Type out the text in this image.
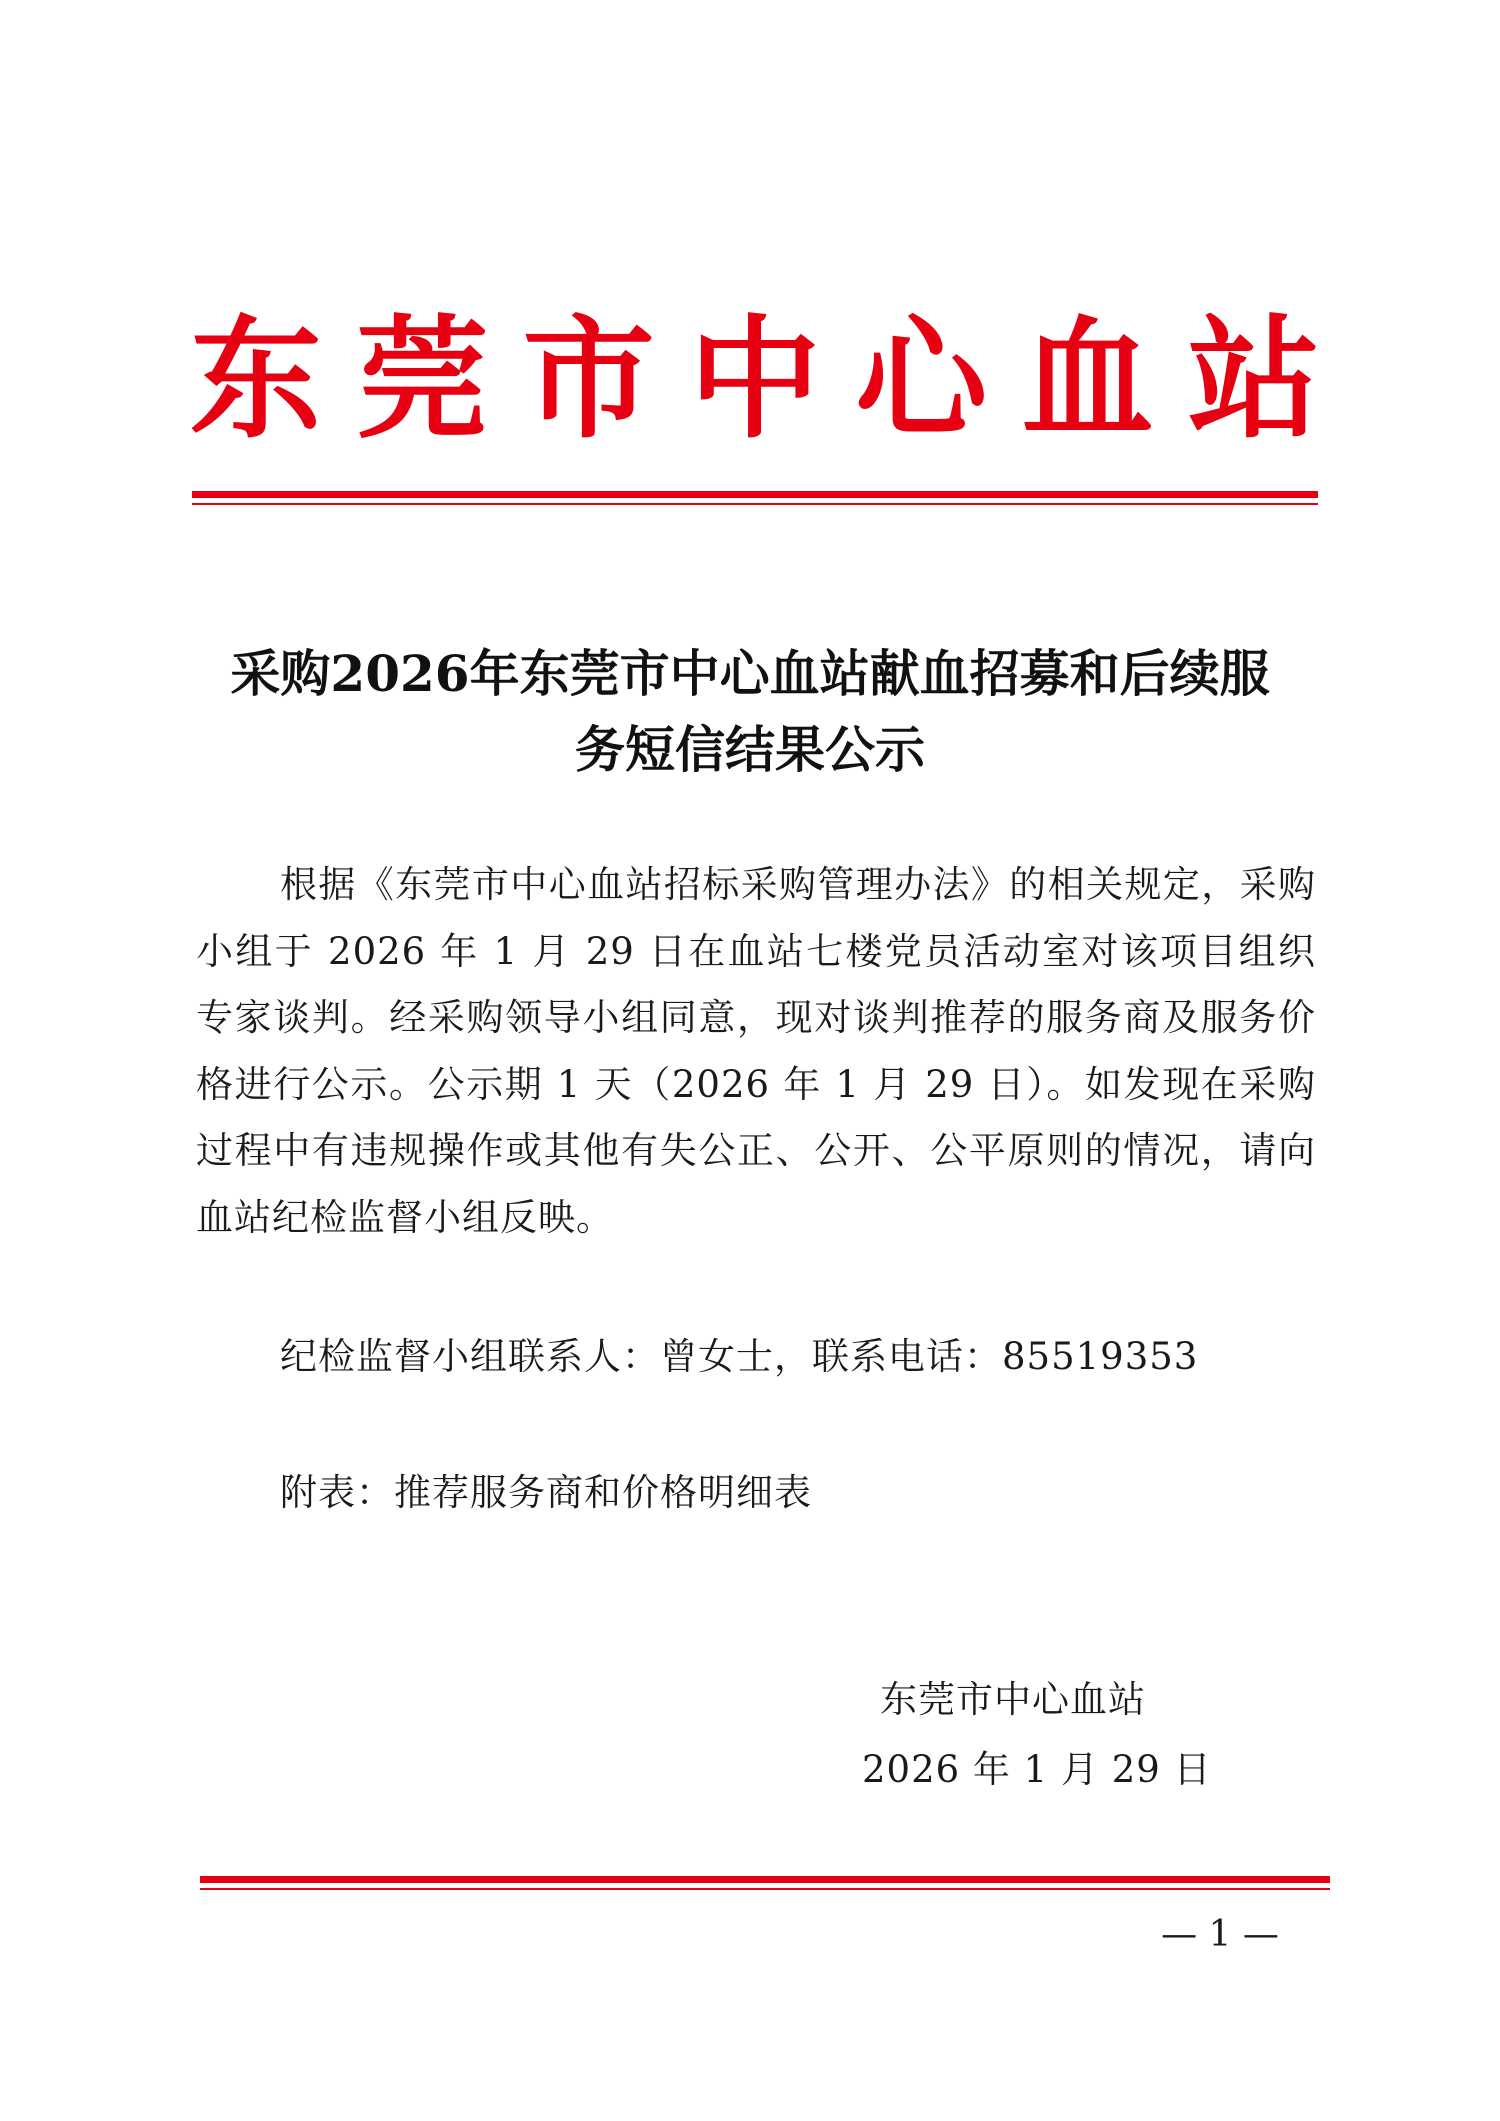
东 莞 市 中 心 血 站
采购2026年东莞市中心血站献血招募和后续服
务短信结果公示
根据《东莞市中心血站招标采购管理办法》的相关规定，采购小组于 2026 年 1 月 29 日在血站七楼党员活动室对该项目组织专家谈判。经采购领导小组同意，现对谈判推荐的服务商及服务价格进行公示。公示期 1 天（2026 年 1 月 29 日）。如发现在采购过程中有违规操作或其他有失公正、公开、公平原则的情况，请向血站纪检监督小组反映。
纪检监督小组联系人：曾女士，联系电话：85519353
附表：推荐服务商和价格明细表
东莞市中心血站
2026 年 1 月 29 日
— 1 —
